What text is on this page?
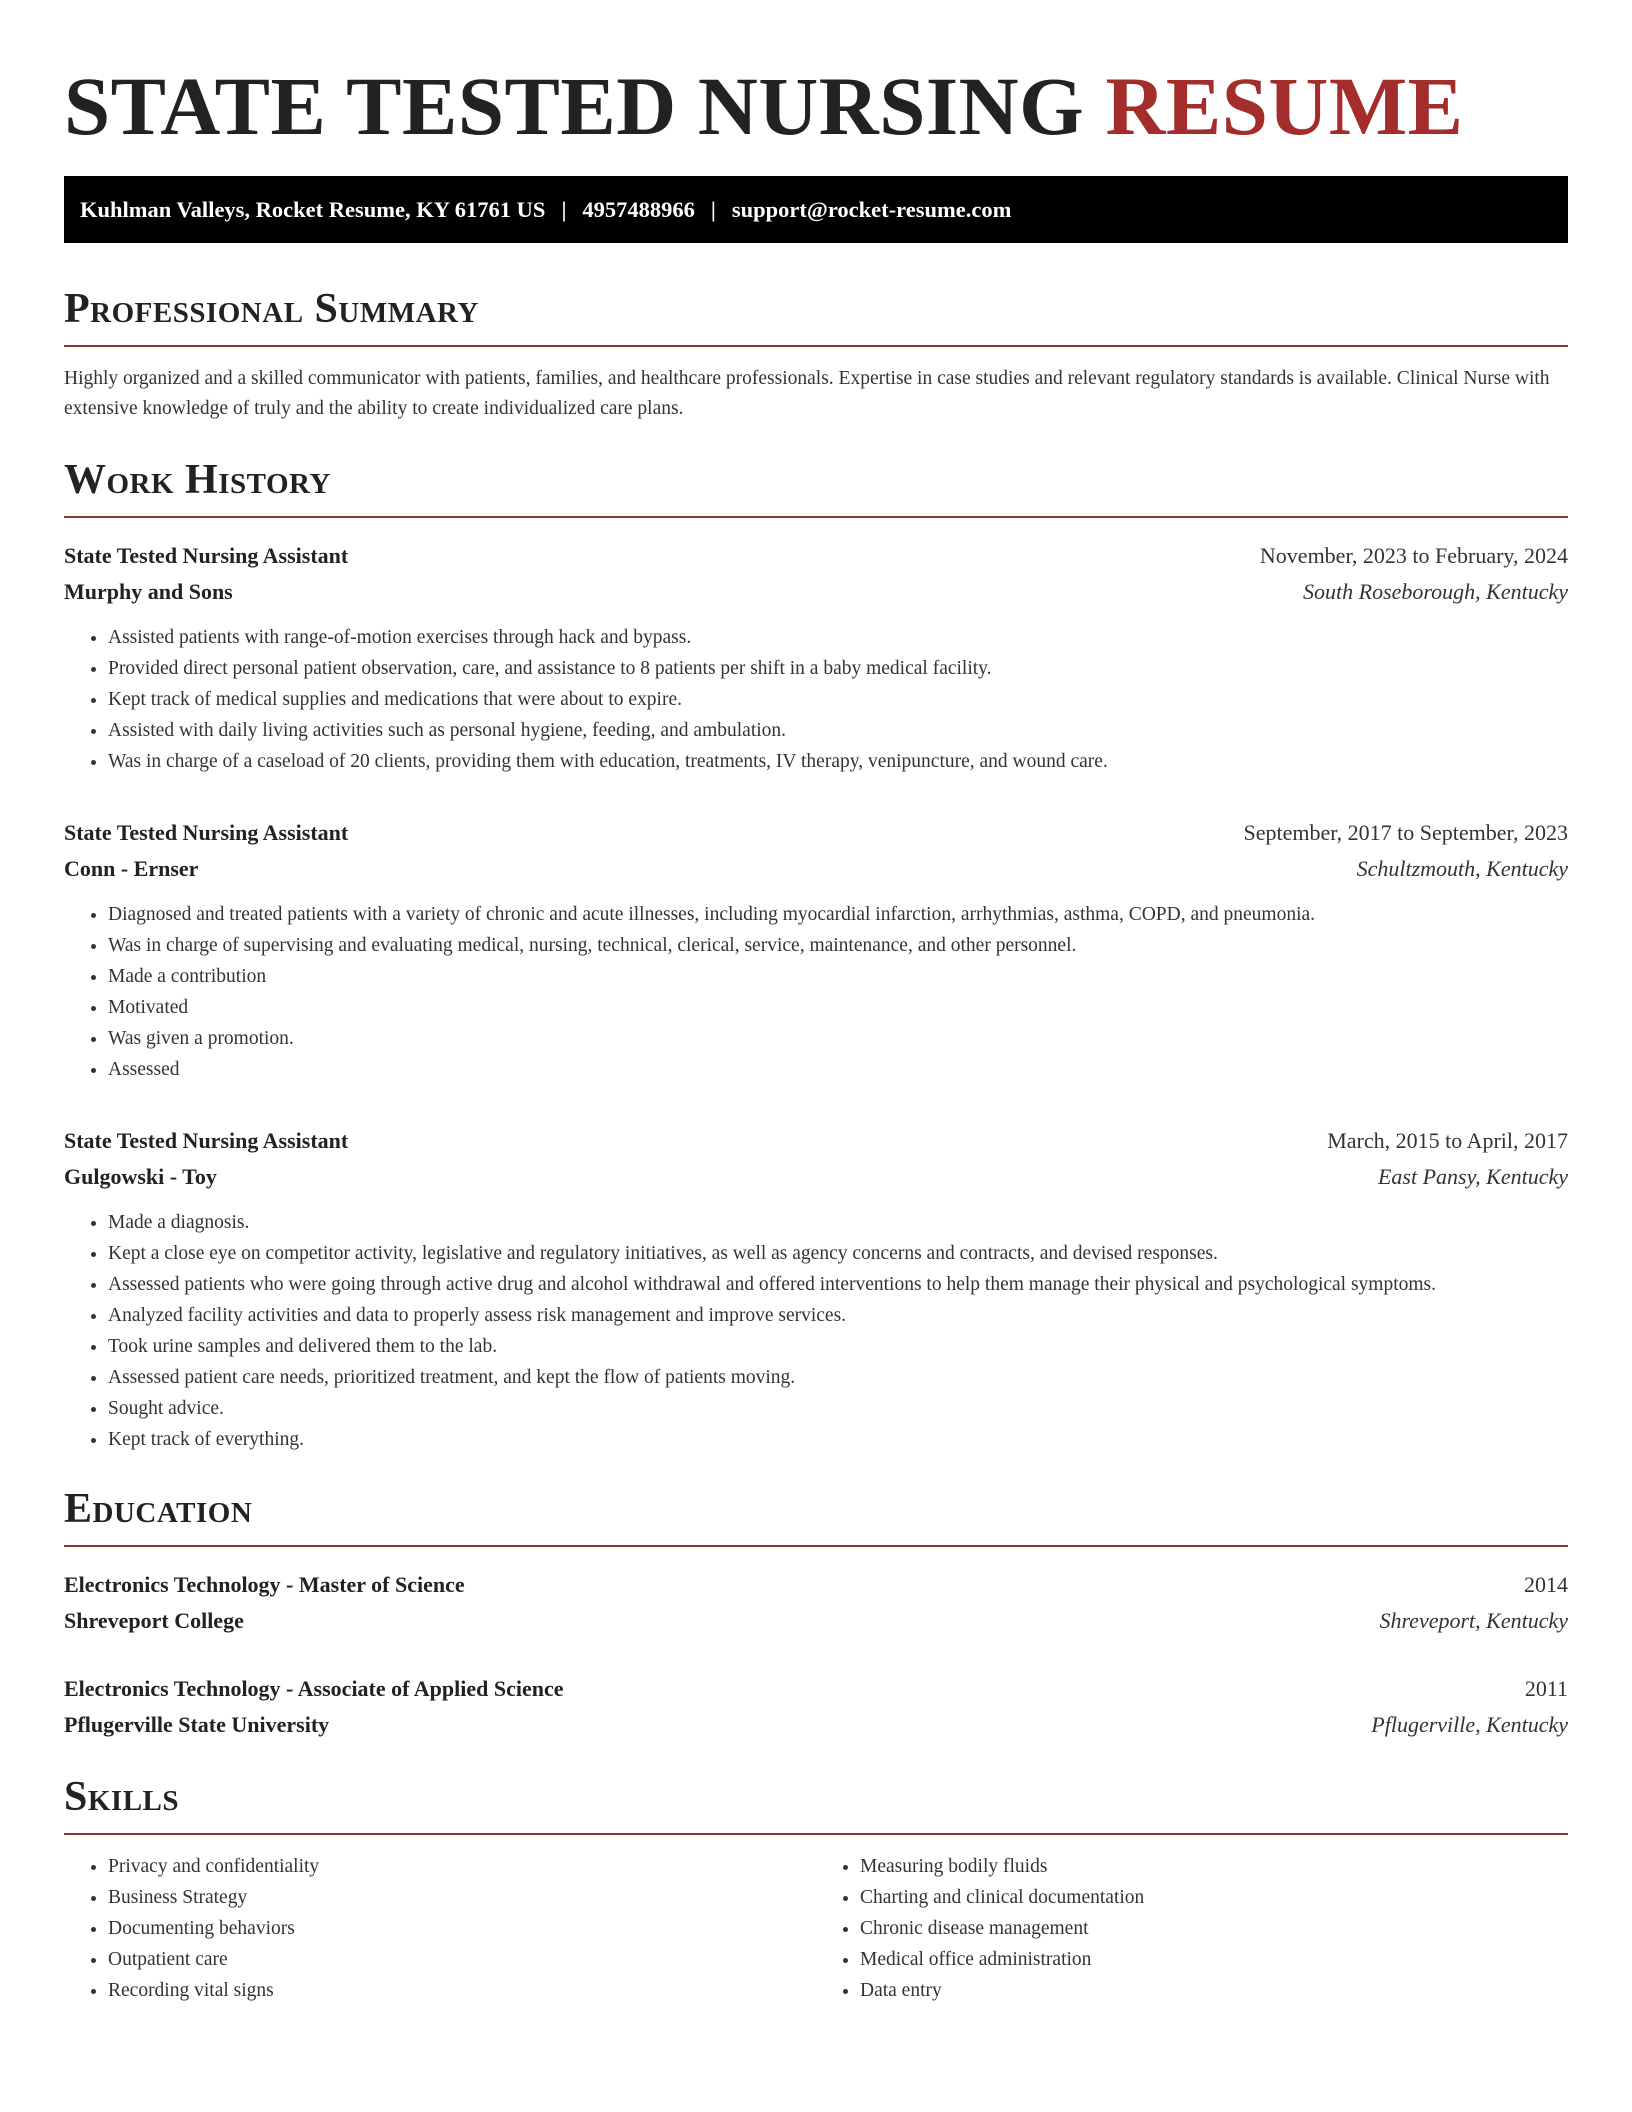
STATE TESTED NURSING RESUME
Kuhlman Valleys, Rocket Resume, KY 61761 US | 4957488966 | support@rocket-resume.com
Professional Summary

Highly organized and a skilled communicator with patients, families, and healthcare professionals. Expertise in case studies and relevant regulatory standards is available. Clinical Nurse with extensive knowledge of truly and the ability to create individualized care plans.

Work History
State Tested Nursing Assistant	November, 2023 to February, 2024
Murphy and Sons	South Roseborough, Kentucky
• Assisted patients with range-of-motion exercises through hack and bypass.
• Provided direct personal patient observation, care, and assistance to 8 patients per shift in a baby medical facility.
• Kept track of medical supplies and medications that were about to expire.
• Assisted with daily living activities such as personal hygiene, feeding, and ambulation.
• Was in charge of a caseload of 20 clients, providing them with education, treatments, IV therapy, venipuncture, and wound care.
State Tested Nursing Assistant	September, 2017 to September, 2023
Conn - Ernser	Schultzmouth, Kentucky
• Diagnosed and treated patients with a variety of chronic and acute illnesses, including myocardial infarction, arrhythmias, asthma, COPD, and pneumonia.
• Was in charge of supervising and evaluating medical, nursing, technical, clerical, service, maintenance, and other personnel.
• Made a contribution
• Motivated
• Was given a promotion.
• Assessed
State Tested Nursing Assistant	March, 2015 to April, 2017
Gulgowski - Toy	East Pansy, Kentucky
• Made a diagnosis.
• Kept a close eye on competitor activity, legislative and regulatory initiatives, as well as agency concerns and contracts, and devised responses.
• Assessed patients who were going through active drug and alcohol withdrawal and offered interventions to help them manage their physical and psychological symptoms.
• Analyzed facility activities and data to properly assess risk management and improve services.
• Took urine samples and delivered them to the lab.
• Assessed patient care needs, prioritized treatment, and kept the flow of patients moving.
• Sought advice.
• Kept track of everything.
Education
Electronics Technology - Master of Science	2014
Shreveport College	Shreveport, Kentucky
Electronics Technology - Associate of Applied Science	2011
Pflugerville State University	Pflugerville, Kentucky
Skills
• Privacy and confidentiality
• Business Strategy
• Documenting behaviors
• Outpatient care
• Recording vital signs
• Measuring bodily fluids
• Charting and clinical documentation
• Chronic disease management
• Medical office administration
• Data entry
